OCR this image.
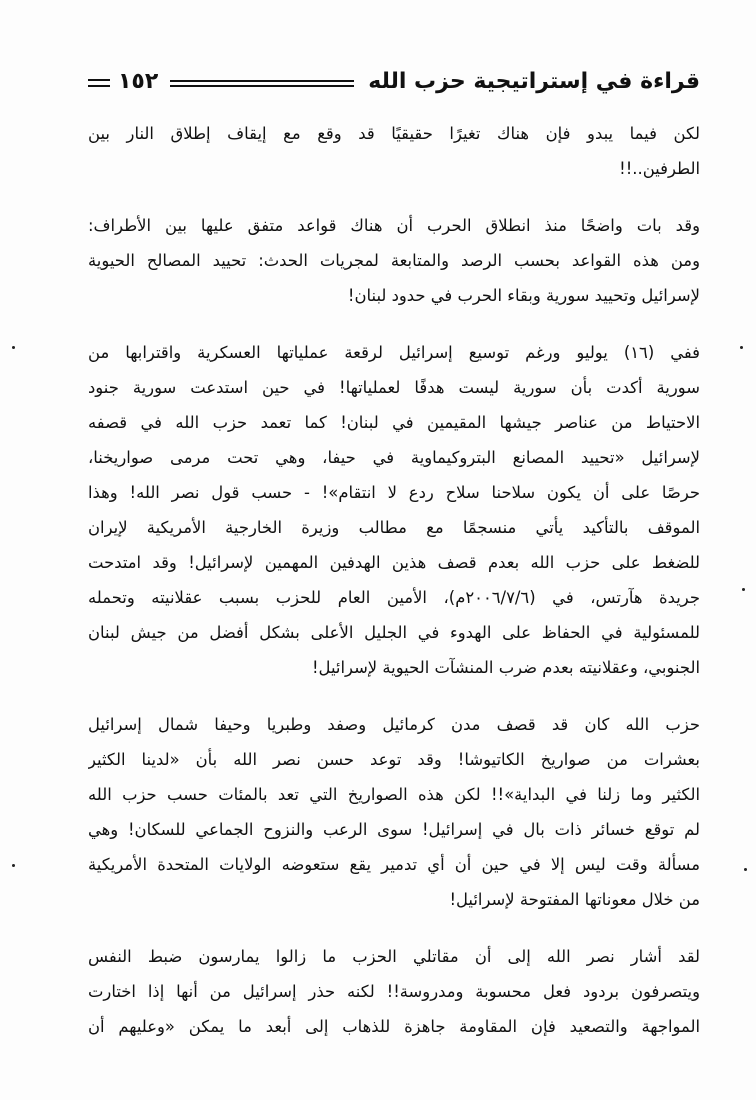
قراءة في إستراتيجية حزب الله
١٥٢
لكن فيما يبدو فإن هناك تغيرًا حقيقيًا قد وقع مع إيقاف إطلاق النار بين
الطرفين..!!
وقد بات واضحًا منذ انطلاق الحرب أن هناك قواعد متفق عليها بين الأطراف:
ومن هذه القواعد بحسب الرصد والمتابعة لمجريات الحدث: تحييد المصالح الحيوية
لإسرائيل وتحييد سورية وبقاء الحرب في حدود لبنان!
ففي (١٦) يوليو ورغم توسيع إسرائيل لرقعة عملياتها العسكرية واقترابها من
سورية أكدت بأن سورية ليست هدفًا لعملياتها! في حين استدعت سورية جنود
الاحتياط من عناصر جيشها المقيمين في لبنان! كما تعمد حزب الله في قصفه
لإسرائيل «تحييد المصانع البتروكيماوية في حيفا، وهي تحت مرمى صواريخنا،
حرصًا على أن يكون سلاحنا سلاح ردع لا انتقام»! - حسب قول نصر الله! وهذا
الموقف بالتأكيد يأتي منسجمًا مع مطالب وزيرة الخارجية الأمريكية لإيران
للضغط على حزب الله بعدم قصف هذين الهدفين المهمين لإسرائيل! وقد امتدحت
جريدة هآرتس، في (٢٠٠٦/٧/٦م)، الأمين العام للحزب بسبب عقلانيته وتحمله
للمسئولية في الحفاظ على الهدوء في الجليل الأعلى بشكل أفضل من جيش لبنان
الجنوبي، وعقلانيته بعدم ضرب المنشآت الحيوية لإسرائيل!
حزب الله كان قد قصف مدن كرمائيل وصفد وطبريا وحيفا شمال إسرائيل
بعشرات من صواريخ الكاتيوشا! وقد توعد حسن نصر الله بأن «لدينا الكثير
الكثير وما زلنا في البداية»!! لكن هذه الصواريخ التي تعد بالمئات حسب حزب الله
لم توقع خسائر ذات بال في إسرائيل! سوى الرعب والنزوح الجماعي للسكان! وهي
مسألة وقت ليس إلا في حين أن أي تدمير يقع ستعوضه الولايات المتحدة الأمريكية
من خلال معوناتها المفتوحة لإسرائيل!
لقد أشار نصر الله إلى أن مقاتلي الحزب ما زالوا يمارسون ضبط النفس
ويتصرفون بردود فعل محسوبة ومدروسة!! لكنه حذر إسرائيل من أنها إذا اختارت
المواجهة والتصعيد فإن المقاومة جاهزة للذهاب إلى أبعد ما يمكن «وعليهم أن
